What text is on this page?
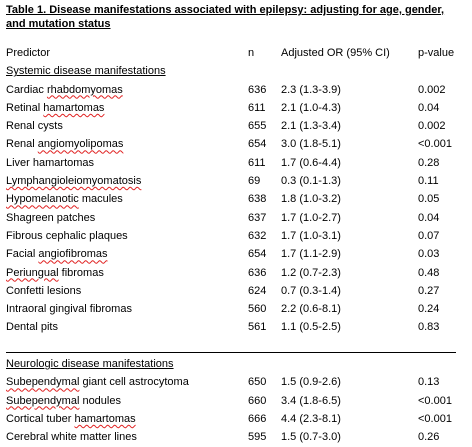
Table 1. Disease manifestations associated with epilepsy: adjusting for age, gender, and mutation status
Predictor	n Adjusted OR (95% CI)	p-value
Systemic disease manifestations
Cardiac rhabdomyomas	636 2.3 (1.3-3.9)	0.002
Retinal hamartomas	611 2.1 (1.0-4.3)	0.04
Renal cysts	655 2.1 (1.3-3.4)	0.002
Renal angiomyolipomas	654 3.0 (1.8-5.1)	<0.001
Liver hamartomas	611 1.7 (0.6-4.4)	0.28
Lymphangioleiomyomatosis	69 0.3 (0.1-1.3)	0.11
Hypomelanotic macules	638 1.8 (1.0-3.2)	0.05
Shagreen patches	637 1.7 (1.0-2.7)	0.04
Fibrous cephalic plaques	632 1.7 (1.0-3.1)	0.07
Facial angiofibromas	654 1.7 (1.1-2.9)	0.03
Periungual fibromas	636 1.2 (0.7-2.3)	0.48
Confetti lesions	624 0.7 (0.3-1.4)	0.27
Intraoral gingival fibromas	560 2.2 (0.6-8.1)	0.24
Dental pits	561 1.1 (0.5-2.5)	0.83
Neurologic disease manifestations
Subependymal giant cell astrocytoma	650 1.5 (0.9-2.6)	0.13
Subependymal nodules	660 3.4 (1.8-6.5)	<0.001
Cortical tuber hamartomas	666 4.4 (2.3-8.1)	<0.001
Cerebral white matter lines	595 1.5 (0.7-3.0)	0.26
